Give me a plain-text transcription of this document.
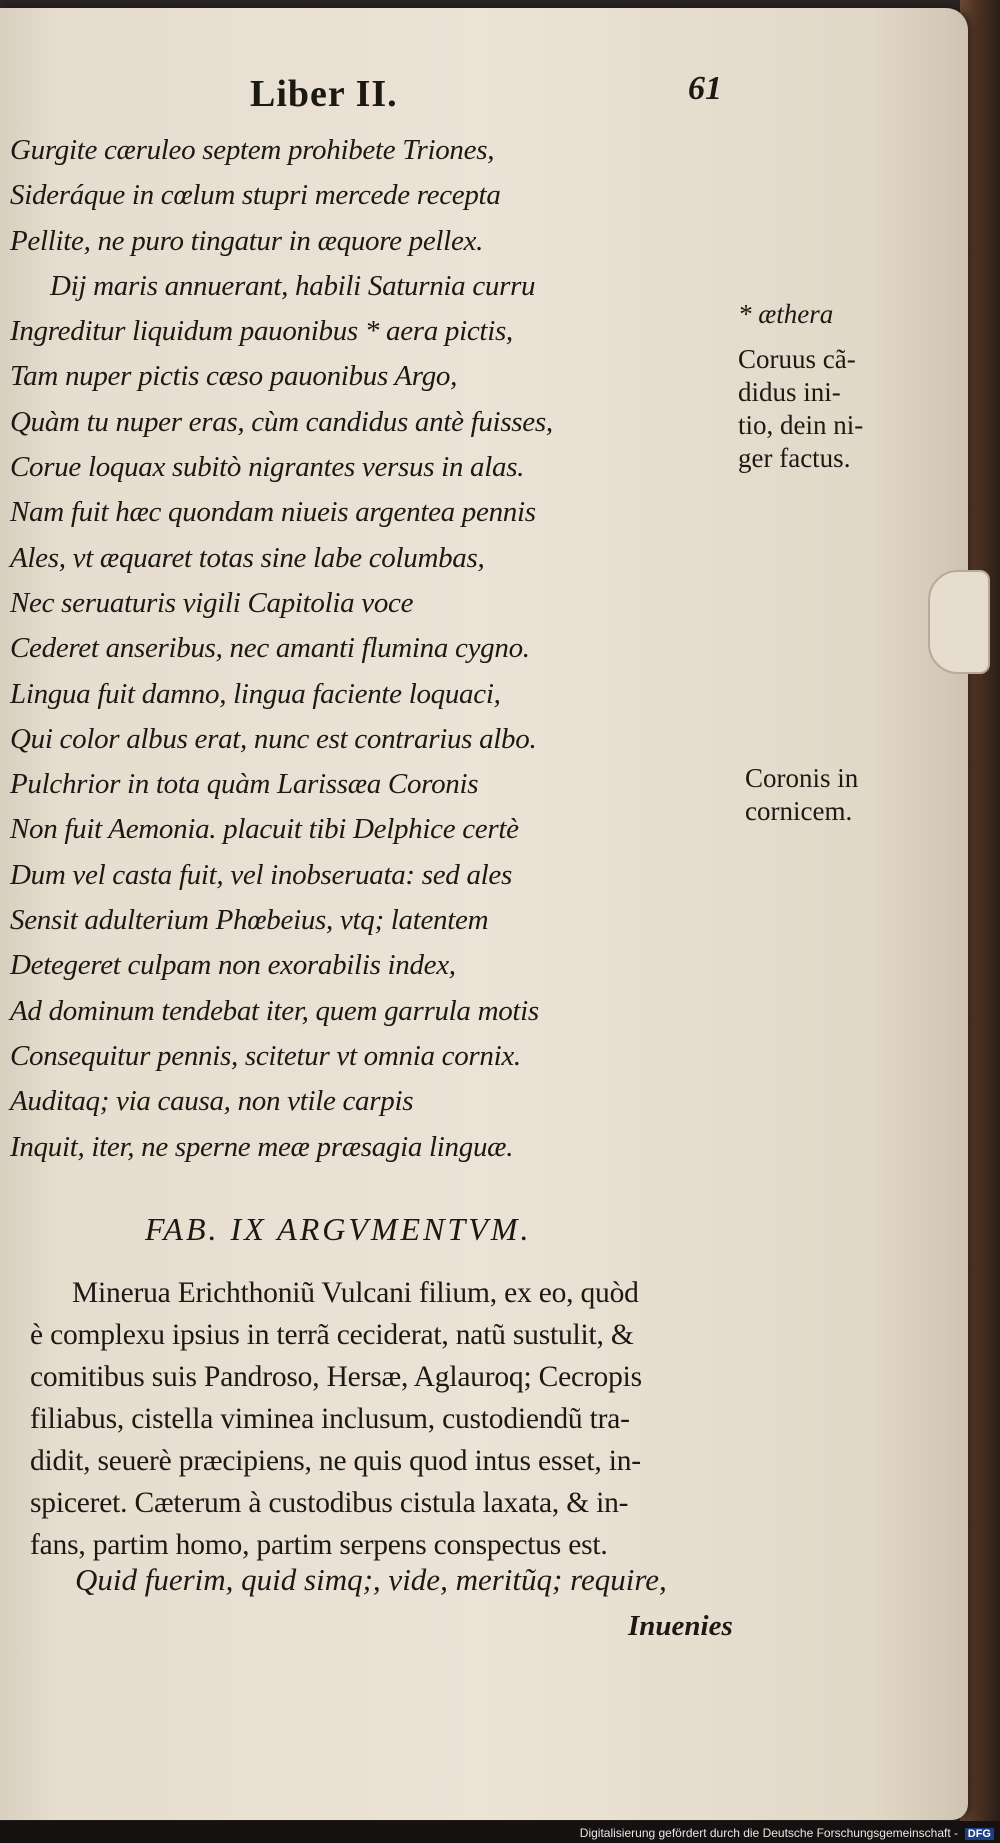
Liber II.	61
Gurgite cæruleo septem prohibete Triones,
Sideráque in cœlum stupri mercede recepta
Pellite, ne puro tingatur in æquore pellex.
Dij maris annuerant, habili Saturnia curru
Ingreditur liquidum pauonibus * aera pictis,
Tam nuper pictis cæso pauonibus Argo,
Quàm tu nuper eras, cùm candidus antè fuisses,
Corue loquax subitò nigrantes versus in alas.
Nam fuit hæc quondam niueis argentea pennis
Ales, vt æquaret totas sine labe columbas,
Nec seruaturis vigili Capitolia voce
Cederet anseribus, nec amanti flumina cygno.
Lingua fuit damno, lingua faciente loquaci,
Qui color albus erat, nunc est contrarius albo.
Pulchrior in tota quàm Larissæa Coronis
Non fuit Aemonia. placuit tibi Delphice certè
Dum vel casta fuit, vel inobseruata: sed ales
Sensit adulterium Phœbeius, vtq; latentem
Detegeret culpam non exorabilis index,
Ad dominum tendebat iter, quem garrula motis
Consequitur pennis, scitetur vt omnia cornix.
Auditaq; via causa, non vtile carpis
Inquit, iter, ne sperne meæ præsagia linguæ.
* æthera
Coruus cã-
didus ini-
tio, dein ni-
ger factus.
Coronis in
cornicem.
FAB. IX ARGVMENTVM.
Minerua Erichthoniũ Vulcani filium, ex eo, quòd
è complexu ipsius in terrã ceciderat, natũ sustulit, &
comitibus suis Pandroso, Hersæ, Aglauroq; Cecropis
filiabus, cistella viminea inclusum, custodiendũ tra-
didit, seuerè præcipiens, ne quis quod intus esset, in-
spiceret. Cæterum à custodibus cistula laxata, & in-
fans, partim homo, partim serpens conspectus est.
Quid fuerim, quid simq;, vide, meritũq; require,
Inuenies
Digitalisierung gefördert durch die Deutsche Forschungsgemeinschaft - DFG
